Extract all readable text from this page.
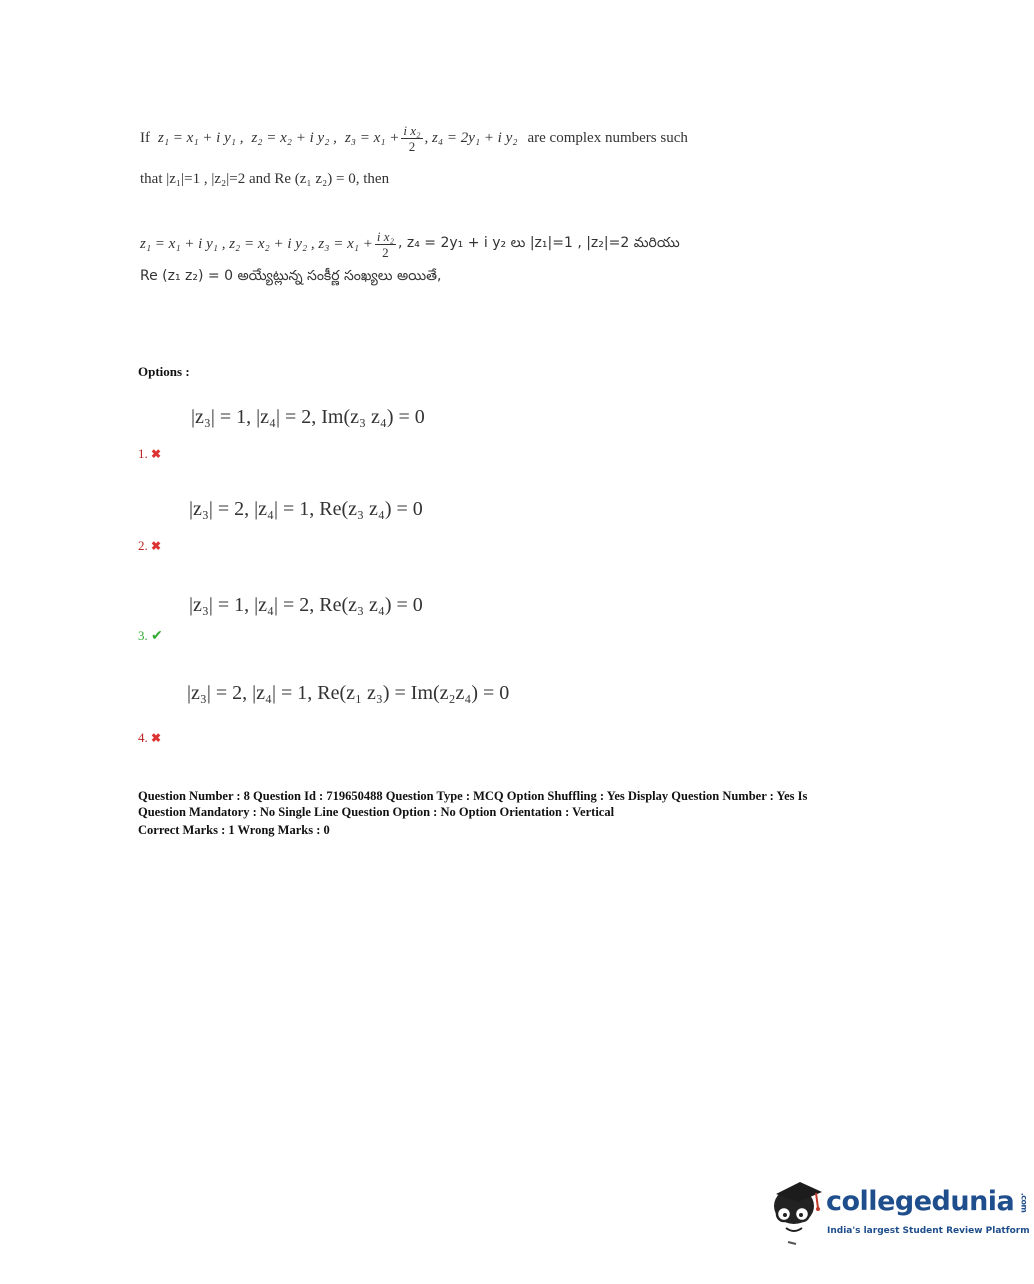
If z₁ = x₁ + i y₁ , z₂ = x₂ + i y₂ , $z_3 = x_1 + \frac{\text{i x₂}}{2}$ , z₄ = 2y₁ + i y₂ are complex numbers such
that |z₁|=1 , |z₂|=2 and Re (z₁ z₂) = 0, then
z₁ = x₁ + i y₁ , z₂ = x₂ + i y₂ , $z_3 = x_1 + \frac{\text{i x₂}}{2}$ , z₄ = 2y₁ + i y₂ లు |z₁|=1 , |z₂|=2 మరియు
Re (z₁ z₂) = 0 అయ్యేట్లున్న సంకీర్ణ సంఖ్యలు అయితే,
Options :
|z₃| = 1, |z₄| = 2, Im(z₃ z₄) = 0
1. ✖
|z₃| = 2, |z₄| = 1, Re(z₃ z₄) = 0
2. ✖
|z₃| = 1, |z₄| = 2, Re(z₃ z₄) = 0
3. ✔
|z₃| = 2, |z₄| = 1, Re(z₁ z₃) = Im(z₂z₄) = 0
4. ✖
Question Number : 8 Question Id : 719650488 Question Type : MCQ Option Shuffling : Yes Display Question Number : Yes Is
Question Mandatory : No Single Line Question Option : No Option Orientation : Vertical
Correct Marks : 1 Wrong Marks : 0
collegedunia .com
India's largest Student Review Platform
